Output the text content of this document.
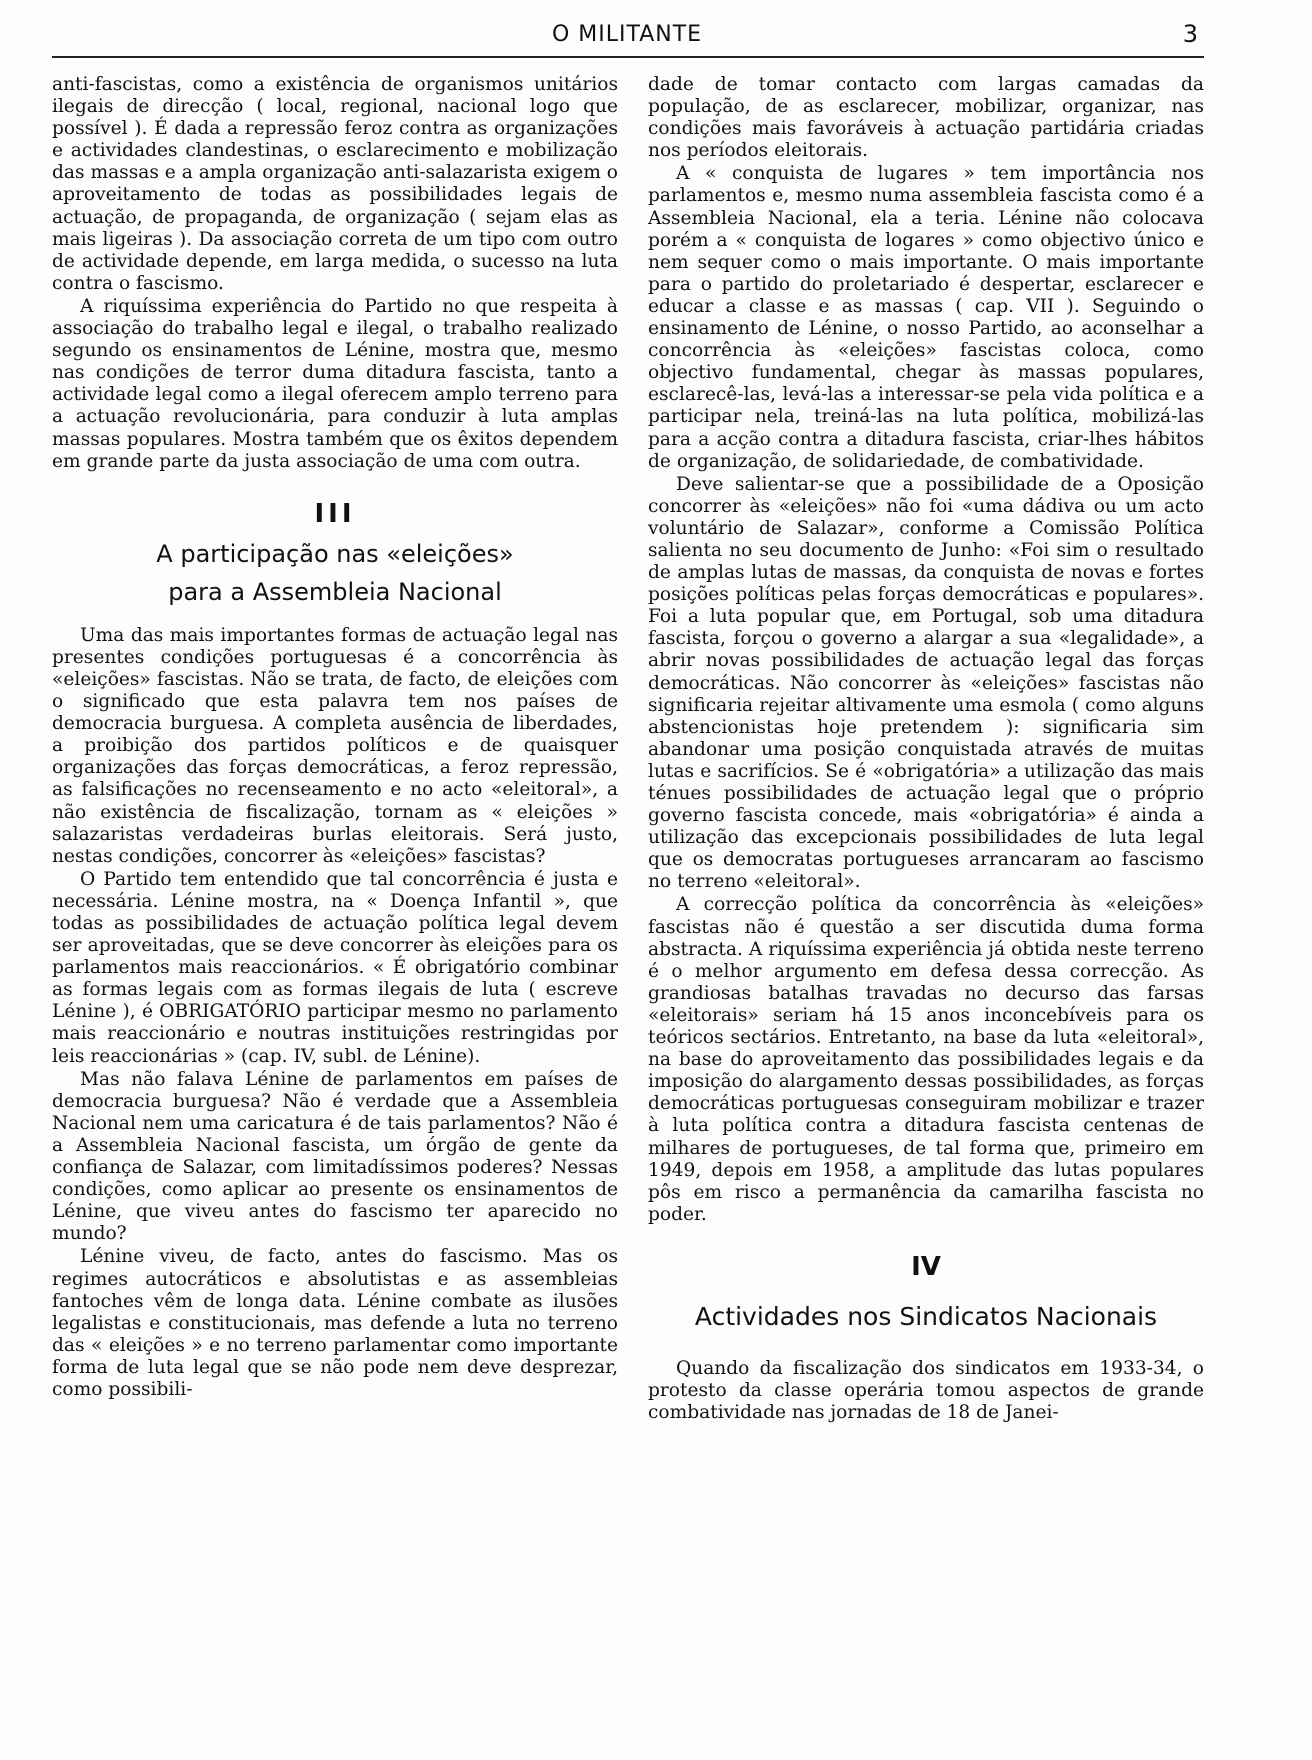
O MILITANTE	3

anti-fascistas, como a existência de organismos unitários ilegais de direcção ( local, regional, nacional logo que possível ). É dada a repressão feroz contra as organizações e actividades clandestinas, o esclarecimento e mobilização das massas e a ampla organização anti-salazarista exigem o aproveitamento de todas as possibilidades legais de actuação, de propaganda, de organização ( sejam elas as mais ligeiras ). Da associação correta de um tipo com outro de actividade depende, em larga medida, o sucesso na luta contra o fascismo.

A riquíssima experiência do Partido no que respeita à associação do trabalho legal e ilegal, o trabalho realizado segundo os ensinamentos de Lénine, mostra que, mesmo nas condições de terror duma ditadura fascista, tanto a actividade legal como a ilegal oferecem amplo terreno para a actuação revolucionária, para conduzir à luta amplas massas populares. Mostra também que os êxitos dependem em grande parte da justa associação de uma com outra.

III
A participação nas «eleições»
para a Assembleia Nacional

Uma das mais importantes formas de actuação legal nas presentes condições portuguesas é a concorrência às «eleições» fascistas. Não se trata, de facto, de eleições com o significado que esta palavra tem nos países de democracia burguesa. A completa ausência de liberdades, a proibição dos partidos políticos e de quaisquer organizações das forças democráticas, a feroz repressão, as falsificações no recenseamento e no acto «eleitoral», a não existência de fiscalização, tornam as « eleições » salazaristas verdadeiras burlas eleitorais. Será justo, nestas condições, concorrer às «eleições» fascistas?

O Partido tem entendido que tal concorrência é justa e necessária. Lénine mostra, na « Doença Infantil », que todas as possibilidades de actuação política legal devem ser aproveitadas, que se deve concorrer às eleições para os parlamentos mais reaccionários. « É obrigatório combinar as formas legais com as formas ilegais de luta ( escreve Lénine ), é OBRIGATÓRIO participar mesmo no parlamento mais reaccionário e noutras instituições restringidas por leis reaccionárias » (cap. IV, subl. de Lénine).

Mas não falava Lénine de parlamentos em países de democracia burguesa? Não é verdade que a Assembleia Nacional nem uma caricatura é de tais parlamentos? Não é a Assembleia Nacional fascista, um órgão de gente da confiança de Salazar, com limitadíssimos poderes? Nessas condições, como aplicar ao presente os ensinamentos de Lénine, que viveu antes do fascismo ter aparecido no mundo?

Lénine viveu, de facto, antes do fascismo. Mas os regimes autocráticos e absolutistas e as assembleias fantoches vêm de longa data. Lénine combate as ilusões legalistas e constitucionais, mas defende a luta no terreno das « eleições » e no terreno parlamentar como importante forma de luta legal que se não pode nem deve desprezar, como possibili-

dade de tomar contacto com largas camadas da população, de as esclarecer, mobilizar, organizar, nas condições mais favoráveis à actuação partidária criadas nos períodos eleitorais.

A « conquista de lugares » tem importância nos parlamentos e, mesmo numa assembleia fascista como é a Assembleia Nacional, ela a teria. Lénine não colocava porém a « conquista de logares » como objectivo único e nem sequer como o mais importante. O mais importante para o partido do proletariado é despertar, esclarecer e educar a classe e as massas ( cap. VII ). Seguindo o ensinamento de Lénine, o nosso Partido, ao aconselhar a concorrência às «eleições» fascistas coloca, como objectivo fundamental, chegar às massas populares, esclarecê-las, levá-las a interessar-se pela vida política e a participar nela, treiná-las na luta política, mobilizá-las para a acção contra a ditadura fascista, criar-lhes hábitos de organização, de solidariedade, de combatividade.

Deve salientar-se que a possibilidade de a Oposição concorrer às «eleições» não foi «uma dádiva ou um acto voluntário de Salazar», conforme a Comissão Política salienta no seu documento de Junho: «Foi sim o resultado de amplas lutas de massas, da conquista de novas e fortes posições políticas pelas forças democráticas e populares». Foi a luta popular que, em Portugal, sob uma ditadura fascista, forçou o governo a alargar a sua «legalidade», a abrir novas possibilidades de actuação legal das forças democráticas. Não concorrer às «eleições» fascistas não significaria rejeitar altivamente uma esmola ( como alguns abstencionistas hoje pretendem ): significaria sim abandonar uma posição conquistada através de muitas lutas e sacrifícios. Se é «obrigatória» a utilização das mais ténues possibilidades de actuação legal que o próprio governo fascista concede, mais «obrigatória» é ainda a utilização das excepcionais possibilidades de luta legal que os democratas portugueses arrancaram ao fascismo no terreno «eleitoral».

A correcção política da concorrência às «eleições» fascistas não é questão a ser discutida duma forma abstracta. A riquíssima experiência já obtida neste terreno é o melhor argumento em defesa dessa correcção. As grandiosas batalhas travadas no decurso das farsas «eleitorais» seriam há 15 anos inconcebíveis para os teóricos sectários. Entretanto, na base da luta «eleitoral», na base do aproveitamento das possibilidades legais e da imposição do alargamento dessas possibilidades, as forças democráticas portuguesas conseguiram mobilizar e trazer à luta política contra a ditadura fascista centenas de milhares de portugueses, de tal forma que, primeiro em 1949, depois em 1958, a amplitude das lutas populares pôs em risco a permanência da camarilha fascista no poder.

IV
Actividades nos Sindicatos Nacionais

Quando da fiscalização dos sindicatos em 1933-34, o protesto da classe operária tomou aspectos de grande combatividade nas jornadas de 18 de Janei-
